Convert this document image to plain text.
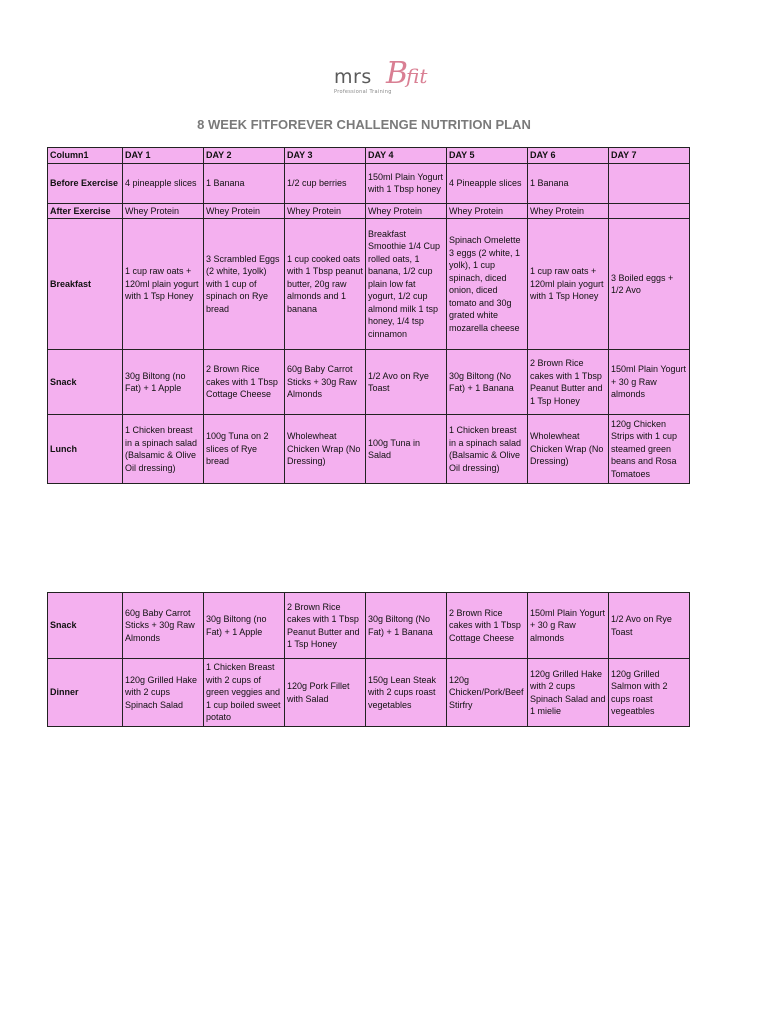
mrs B
fit
Professional Training
8 WEEK FITFOREVER CHALLENGE NUTRITION PLAN
Column1	DAY 1	DAY 2	DAY 3	DAY 4	DAY 5	DAY 6	DAY 7
Before Exercise	4 pineapple slices	1 Banana	1/2 cup berries	150ml Plain Yogurt with 1 Tbsp honey	4 Pineapple slices	1 Banana	
After Exercise	Whey Protein	Whey Protein	Whey Protein	Whey Protein	Whey Protein	Whey Protein	
Breakfast	1 cup raw oats + 120ml plain yogurt with 1 Tsp Honey	3 Scrambled Eggs (2 white, 1yolk) with 1 cup of spinach on Rye bread	1 cup cooked oats with 1 Tbsp peanut butter, 20g raw almonds and 1 banana	Breakfast Smoothie 1/4 Cup rolled oats, 1 banana, 1/2 cup plain low fat yogurt, 1/2 cup almond milk 1 tsp honey, 1/4 tsp cinnamon	Spinach Omelette 3 eggs (2 white, 1 yolk), 1 cup spinach, diced onion, diced tomato and 30g grated white mozarella cheese	1 cup raw oats + 120ml plain yogurt with 1 Tsp Honey	3 Boiled eggs + 1/2 Avo
Snack	30g Biltong (no Fat) + 1 Apple	2 Brown Rice cakes with 1 Tbsp Cottage Cheese	60g Baby Carrot Sticks + 30g Raw Almonds	1/2 Avo on Rye Toast	30g Biltong (No Fat) + 1 Banana	2 Brown Rice cakes with 1 Tbsp Peanut Butter and 1 Tsp Honey	150ml Plain Yogurt + 30 g Raw almonds
Lunch	1 Chicken breast in a spinach salad (Balsamic & Olive Oil dressing)	100g Tuna on 2 slices of Rye bread	Wholewheat Chicken Wrap (No Dressing)	100g Tuna in Salad	1 Chicken breast in a spinach salad (Balsamic & Olive Oil dressing)	Wholewheat Chicken Wrap (No Dressing)	120g Chicken Strips with 1 cup steamed green beans and Rosa Tomatoes
Snack	60g Baby Carrot Sticks + 30g Raw Almonds	30g Biltong (no Fat) + 1 Apple	2 Brown Rice cakes with 1 Tbsp Peanut Butter and 1 Tsp Honey	30g Biltong (No Fat) + 1 Banana	2 Brown Rice cakes with 1 Tbsp Cottage Cheese	150ml Plain Yogurt + 30 g Raw almonds	1/2 Avo on Rye Toast
Dinner	120g Grilled Hake with 2 cups Spinach Salad	1 Chicken Breast with 2 cups of green veggies and 1 cup boiled sweet potato	120g Pork Fillet with Salad	150g Lean Steak with 2 cups roast vegetables	120g Chicken/Pork/Beef Stirfry	120g Grilled Hake with 2 cups Spinach Salad and 1 mielie	120g Grilled Salmon with 2 cups roast vegeatbles
